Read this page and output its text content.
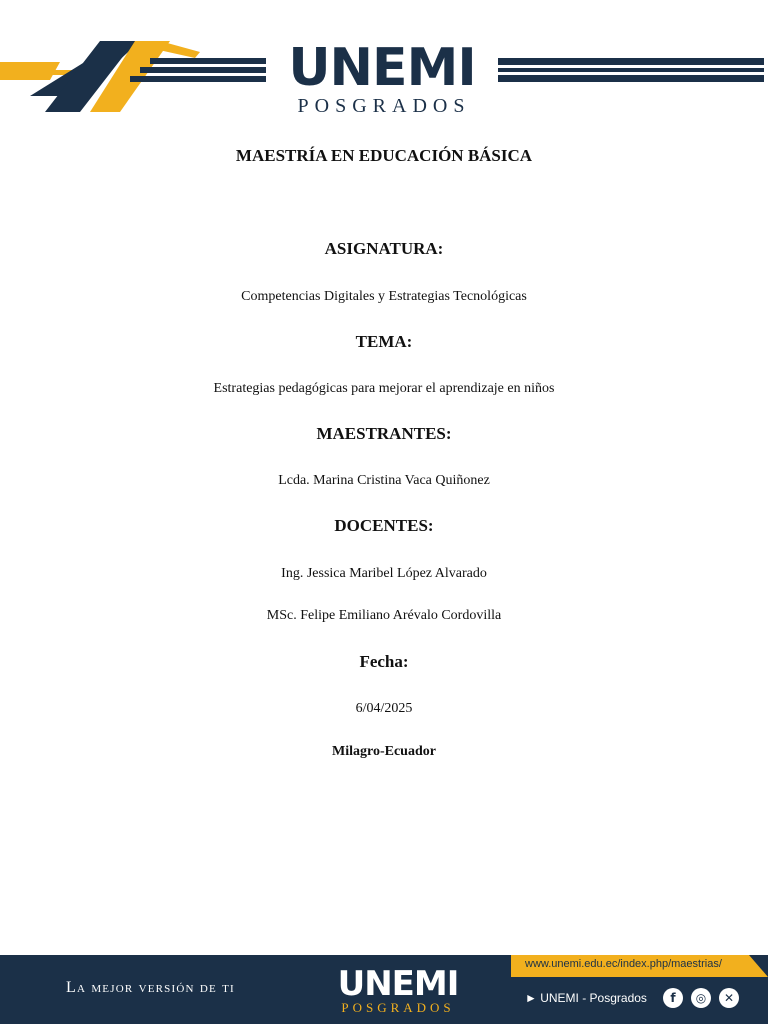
UNEMI
POSGRADOS
MAESTRÍA EN EDUCACIÓN BÁSICA
ASIGNATURA:
Competencias Digitales y Estrategias Tecnológicas
TEMA:
Estrategias pedagógicas para mejorar el aprendizaje en niños
MAESTRANTES:
Lcda. Marina Cristina Vaca Quiñonez
DOCENTES:
Ing. Jessica Maribel López Alvarado
MSc. Felipe Emiliano Arévalo Cordovilla
Fecha:
6/04/2025
Milagro-Ecuador
La mejor versión de ti	UNEMI
POSGRADOS
www.unemi.edu.ec/index.php/maestrias/
► UNEMI - Posgrados	f	◎	✕
